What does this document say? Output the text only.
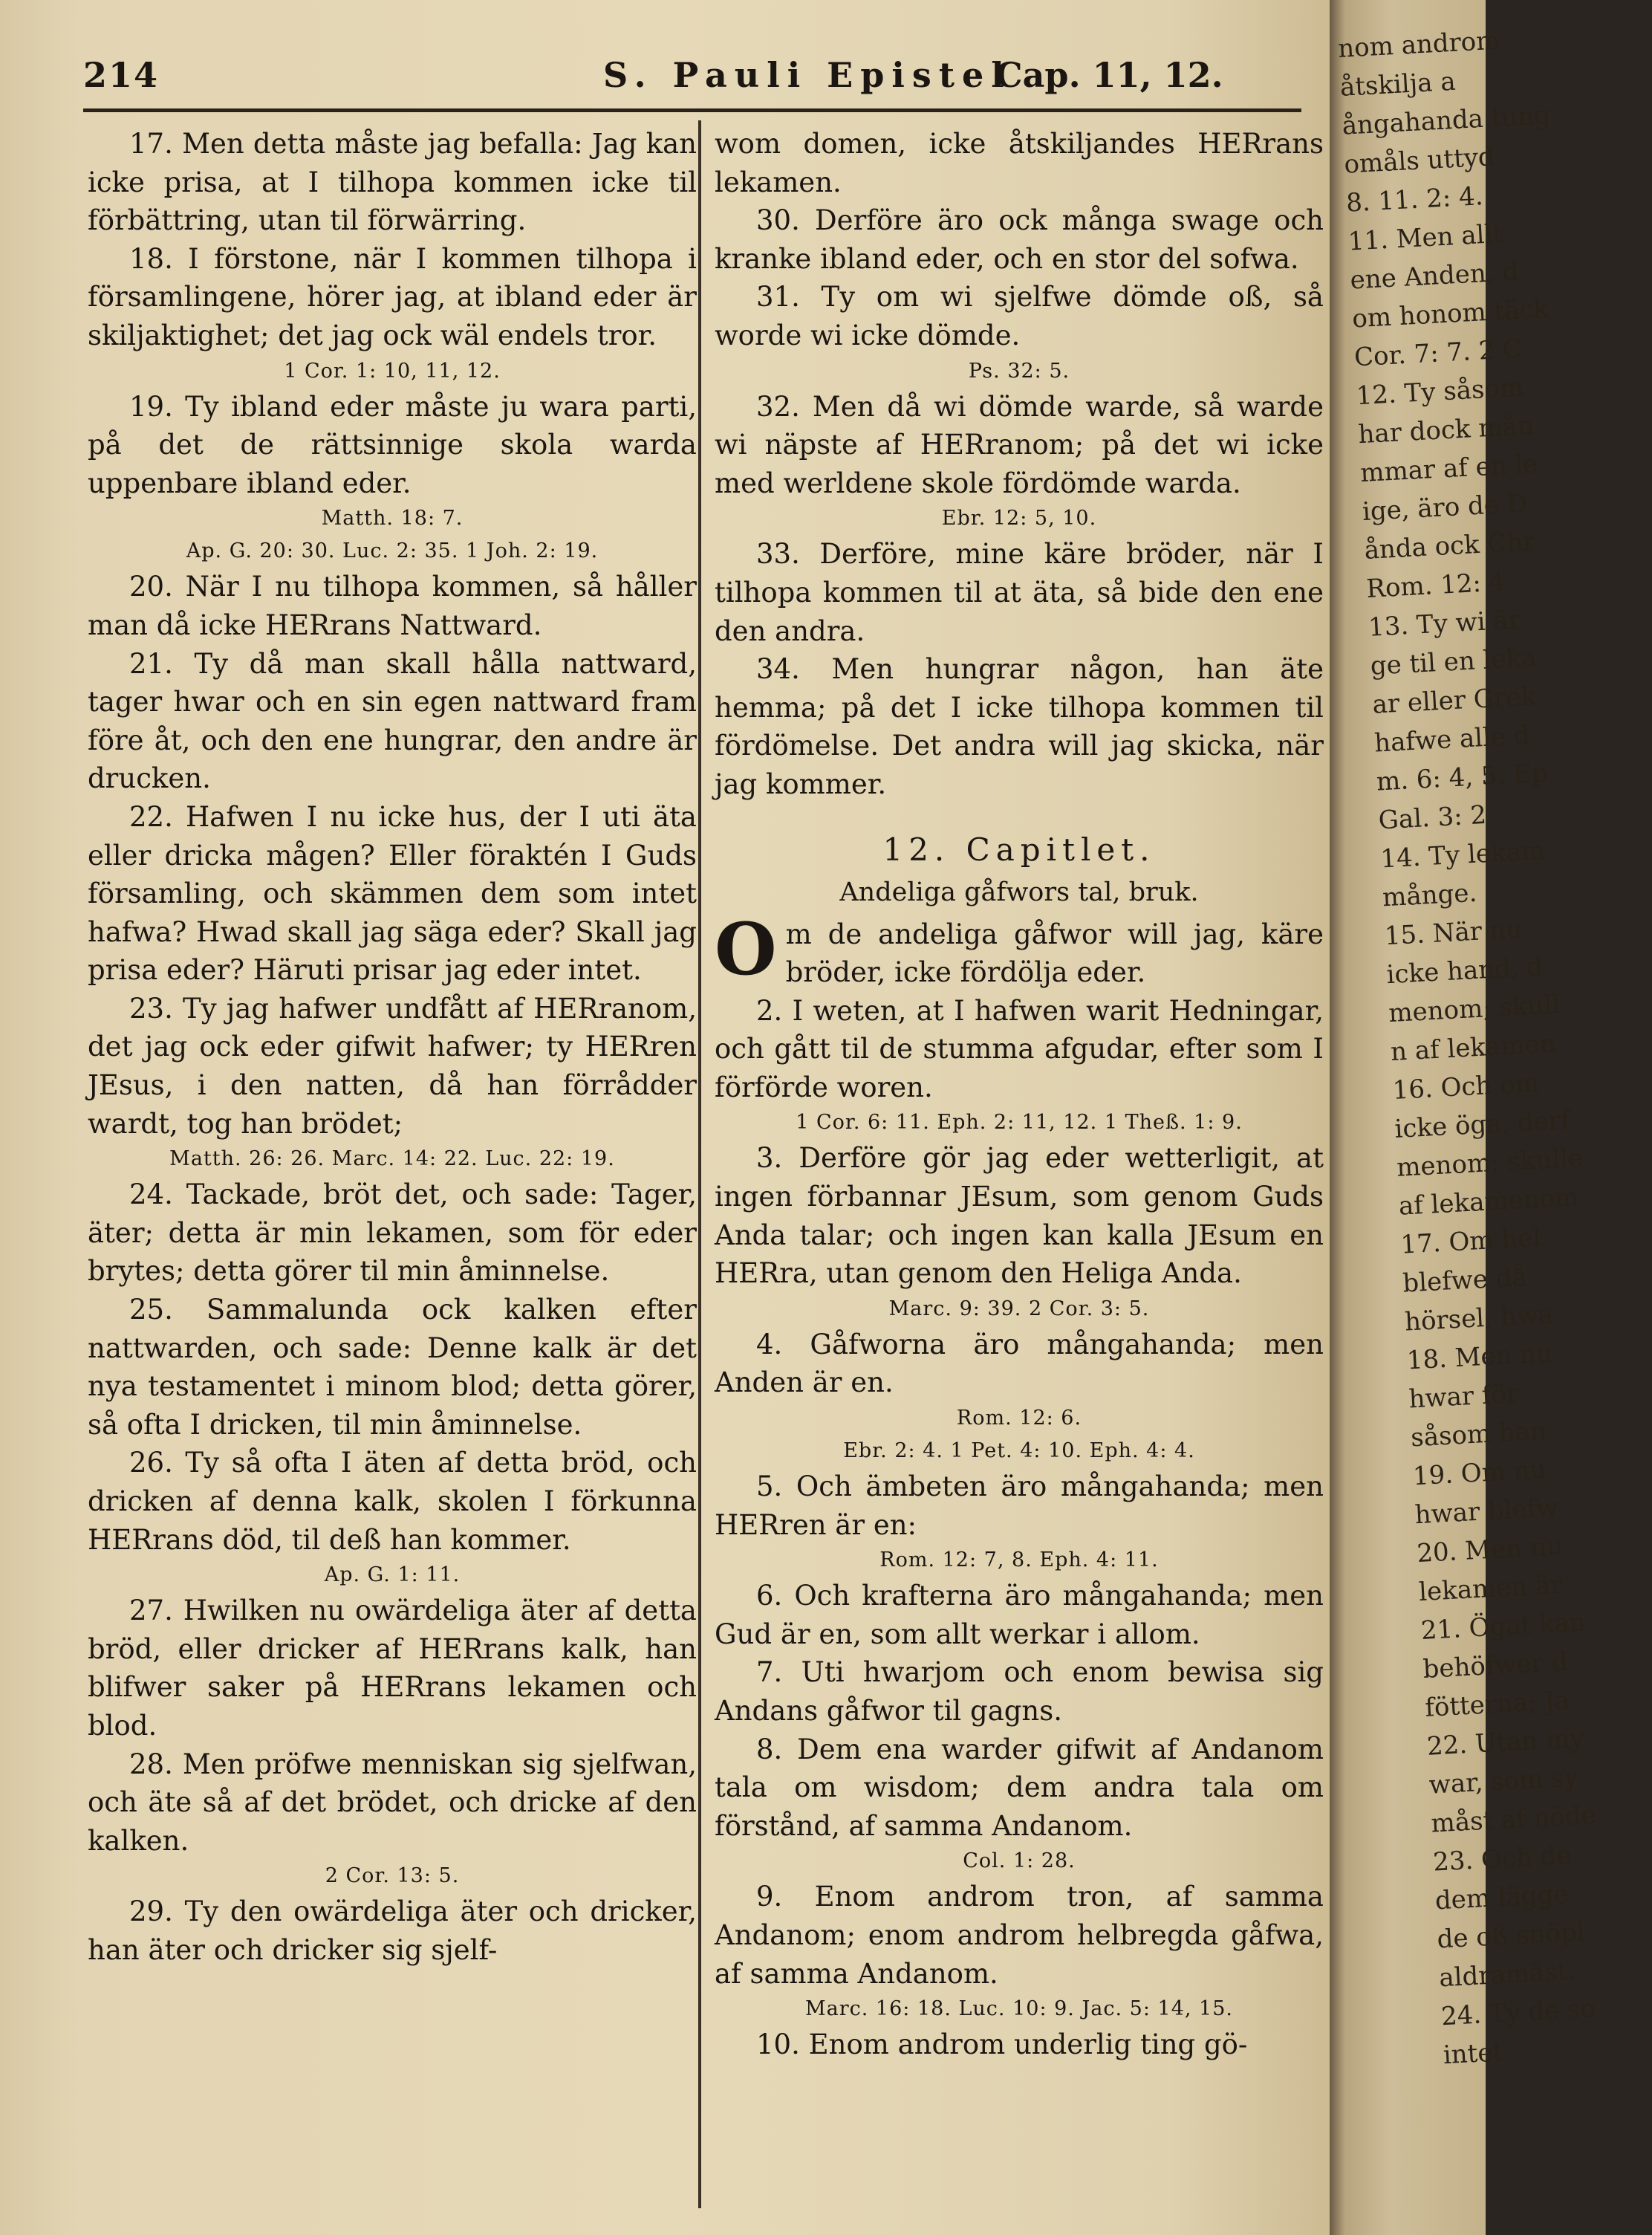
214	S. Pauli Epistel
Cap. 11, 12.

17. Men detta måste jag befalla: Jag kan icke prisa, at I tilhopa kommen icke til förbättring, utan til förwärring.

18. I förstone, när I kommen tilhopa i församlingene, hörer jag, at ibland eder är skiljaktighet; det jag ock wäl endels tror.

1 Cor. 1: 10, 11, 12.

19. Ty ibland eder måste ju wara parti, på det de rättsinnige skola warda uppenbare ibland eder.

Matth. 18: 7.

Ap. G. 20: 30. Luc. 2: 35. 1 Joh. 2: 19.

20. När I nu tilhopa kommen, så håller man då icke HERrans Nattward.

21. Ty då man skall hålla nattward, tager hwar och en sin egen nattward fram före åt, och den ene hungrar, den andre är drucken.

22. Hafwen I nu icke hus, der I uti äta eller dricka mågen? Eller föraktén I Guds församling, och skämmen dem som intet hafwa? Hwad skall jag säga eder? Skall jag prisa eder? Häruti prisar jag eder intet.

23. Ty jag hafwer undfått af HERranom, det jag ock eder gifwit hafwer; ty HERren JEsus, i den natten, då han förrådder wardt, tog han brödet;

Matth. 26: 26. Marc. 14: 22. Luc. 22: 19.

24. Tackade, bröt det, och sade: Tager, äter; detta är min lekamen, som för eder brytes; detta görer til min åminnelse.

25. Sammalunda ock kalken efter nattwarden, och sade: Denne kalk är det nya testamentet i minom blod; detta görer, så ofta I dricken, til min åminnelse.

26. Ty så ofta I äten af detta bröd, och dricken af denna kalk, skolen I förkunna HERrans död, til deß han kommer.

Ap. G. 1: 11.

27. Hwilken nu owärdeliga äter af detta bröd, eller dricker af HERrans kalk, han blifwer saker på HERrans lekamen och blod.

28. Men pröfwe menniskan sig sjelfwan, och äte så af det brödet, och dricke af den kalken.

2 Cor. 13: 5.

29. Ty den owärdeliga äter och dricker, han äter och dricker sig sjelf-

wom domen, icke åtskiljandes HERrans lekamen.

30. Derföre äro ock många swage och kranke ibland eder, och en stor del sofwa.

31. Ty om wi sjelfwe dömde oß, så worde wi icke dömde.

Ps. 32: 5.

32. Men då wi dömde warde, så warde wi näpste af HERranom; på det wi icke med werldene skole fördömde warda.

Ebr. 12: 5, 10.

33. Derföre, mine käre bröder, när I tilhopa kommen til at äta, så bide den ene den andra.

34. Men hungrar någon, han äte hemma; på det I icke tilhopa kommen til fördömelse. Det andra will jag skicka, när jag kommer.

12. Capitlet.
Andeliga gåfwors tal, bruk.

Om de andeliga gåfwor will jag, käre bröder, icke fördölja eder.

2. I weten, at I hafwen warit Hedningar, och gått til de stumma afgudar, efter som I förförde woren.

1 Cor. 6: 11. Eph. 2: 11, 12. 1 Theß. 1: 9.

3. Derföre gör jag eder wetterligit, at ingen förbannar JEsum, som genom Guds Anda talar; och ingen kan kalla JEsum en HERra, utan genom den Heliga Anda.

Marc. 9: 39. 2 Cor. 3: 5.

4. Gåfworna äro mångahanda; men Anden är en.

Rom. 12: 6.

Ebr. 2: 4. 1 Pet. 4: 10. Eph. 4: 4.

5. Och ämbeten äro mångahanda; men HERren är en:

Rom. 12: 7, 8. Eph. 4: 11.

6. Och krafterna äro mångahanda; men Gud är en, som allt werkar i allom.

7. Uti hwarjom och enom bewisa sig Andans gåfwor til gagns.

8. Dem ena warder gifwit af Andanom tala om wisdom; dem andra tala om förstånd, af samma Andanom.

Col. 1: 28.

9. Enom androm tron, af samma Andanom; enom androm helbregda gåfwa, af samma Andanom.

Marc. 16: 18. Luc. 10: 9. Jac. 5: 14, 15.

10. Enom androm underlig ting gö-

nom androm
åtskilja a
ångahanda tung
omåls uttyd
8. 11. 2: 4.
11. Men allt
ene Anden, d
om honom täck
Cor. 7: 7. 2 C
12. Ty såsom
har dock mån
mmar af en le
ige, äro de D
ånda ock Chr
Rom. 12: 4
13. Ty wi är
ge til en leka
ar eller Grek
hafwe alle d
m. 6: 4, 5. Ep
Gal. 3: 2
14. Ty lekam
månge.
15. När nu
icke hand, d
menom; skull
n af lekamen
16. Och om
icke öga, derf
menom; skulle
af lekamenom
17. Om hel
blefwe då
hörsel, hwa
18. Men nu
hwar för
såsom han
19. Om nu
hwar blefw
20. Men nu
lekamen är
21. Ögat kan
behöfwer d
fötterna; Ja
22. Utan my
war, som sy
måst af nöde
23. Och de
dem lägge
de oß snöpl
aldramäst.
24. Ty de so
intet
